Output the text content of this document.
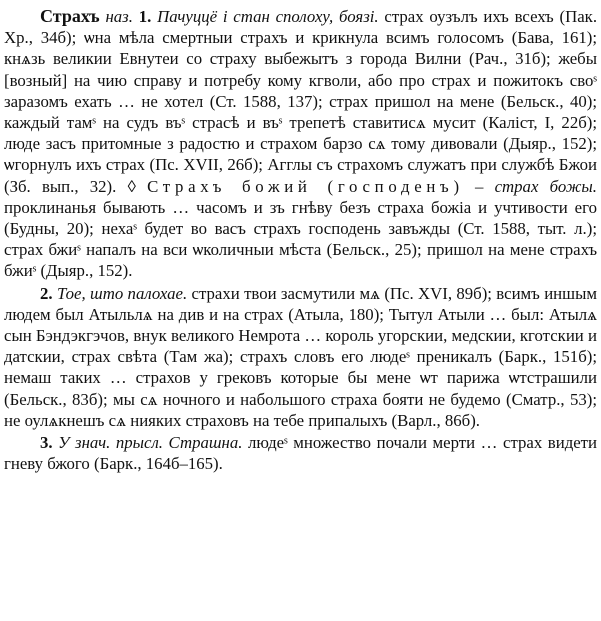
Страхъ наз. 1. Пачуццё і стан сполоху, боязі. страх оузълъ ихъ всехъ (Пак. Хр., 34б); ѡна мѣла смертныи страхъ и крикнула всимъ голосомъ (Бава, 161); кнѧзь великии Евнутеи со страху выбежытъ з города Вилни (Рач., 31б); жебы [возный] на чию справу и потребу кому кгволи, або про страх и пожитокъ своˢ заразомъ ехать … не хотел (Ст. 1588, 137); страх пришол на мене (Бельск., 40); каждый тамˢ на судъ въˢ страсѣ и въˢ трепетѣ ставитисѧ мусит (Каліст, I, 22б); люде засъ притомные з радостю и страхом барзо сѧ тому дивовали (Дыяр., 152); ѡгорнулъ ихъ страх (Пс. XVII, 26б); Агглы съ страхомъ служатъ при службѣ Бжои (Зб. вып., 32). ◊ Страхъ божий (господенъ) – страх божы. проклинанья бывають … часомъ и зъ гнѣву безъ страха божiа и учтивости его (Будны, 20); нехаˢ будет во васъ страхъ господень завъжды (Ст. 1588, тыт. л.); страх бжиˢ напалъ на вси ѡколичныи мѣста (Бельск., 25); пришол на мене страхъ бжиˢ (Дыяр., 152).

2. Тое, што палохае. страхи твои засмутили мѧ (Пс. XVI, 89б); всимъ иншым людем был Атыльлѧ на див и на страх (Атыла, 180); Тытул Атыли … был: Атылѧ сын Бэндэкгэчов, внук великого Немрота … король угорскии, медскии, кготскии и датскии, страх свѣта (Там жа); страхъ словъ его людеˢ преникалъ (Барк., 151б); немаш таких … страхов у грековъ которые бы мене ѡт парижа ѡтстрашили (Бельск., 83б); мы сѧ ночного и набольшого страха бояти не будемо (Сматр., 53); не оулѧкнешъ сѧ нияких страховъ на тебе припалыхъ (Варл., 86б).

3. У знач. прысл. Страшна. людеˢ множество почали мерти … страх видети гневу бжого (Барк., 164б–165).
